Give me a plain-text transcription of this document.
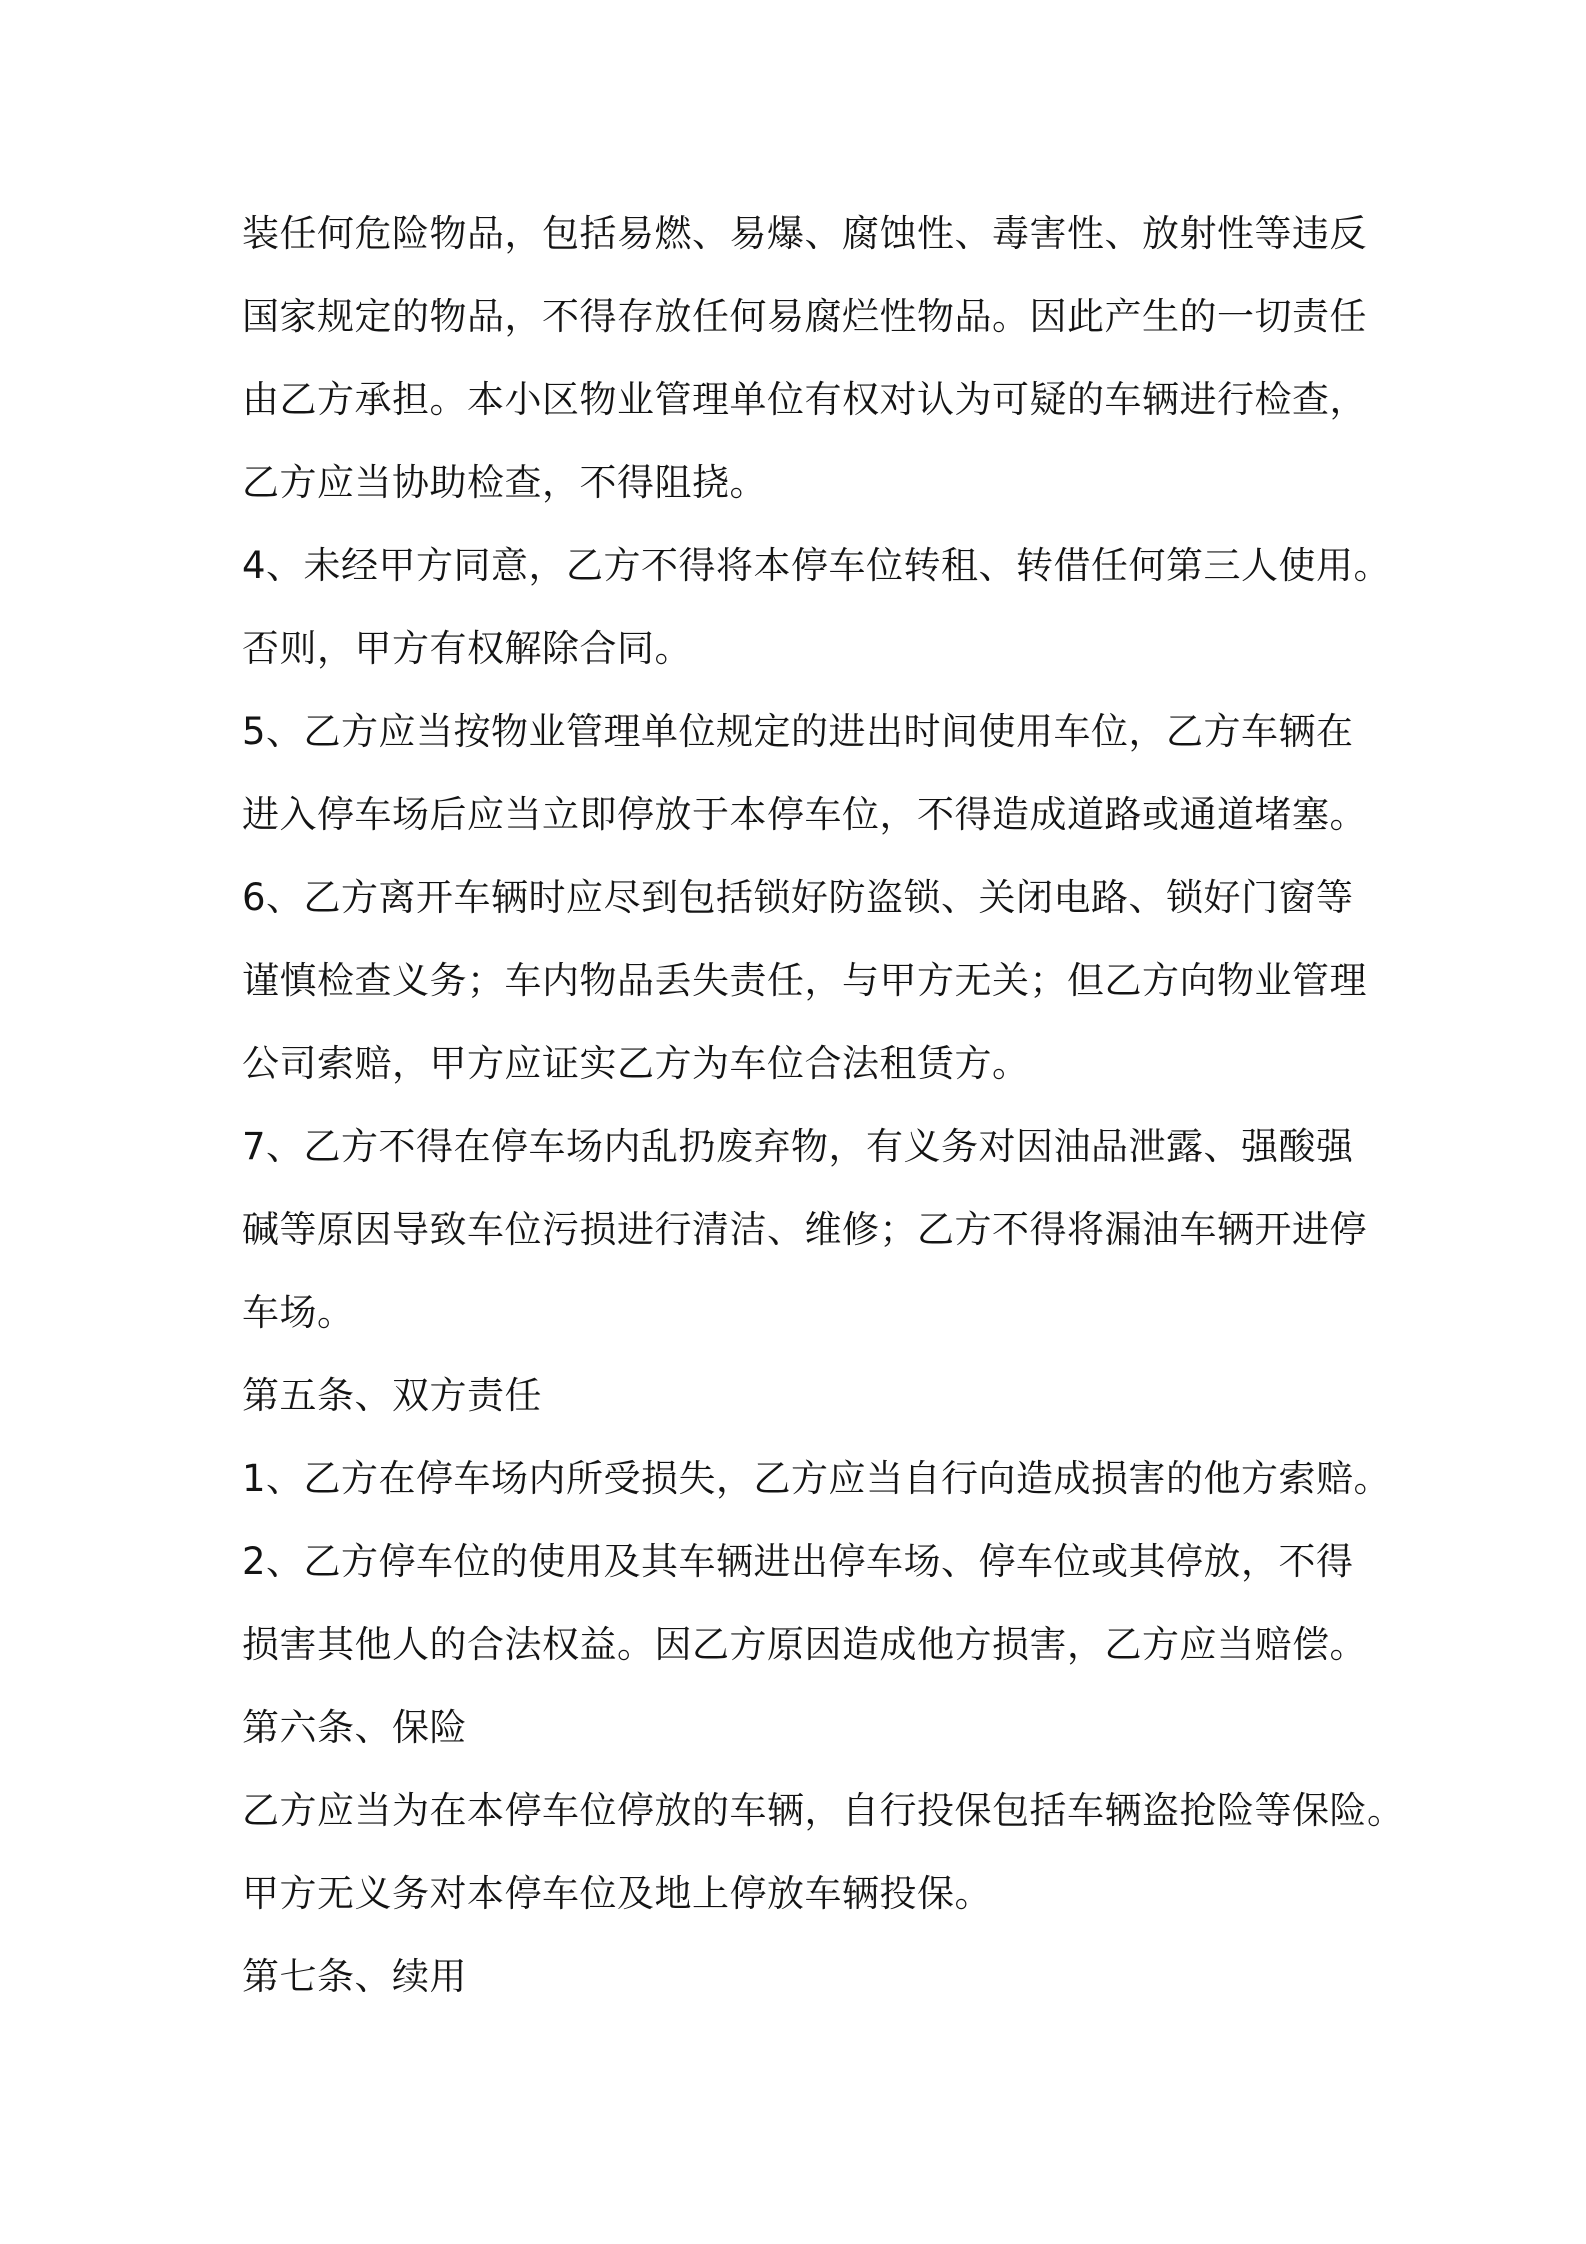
装任何危险物品，包括易燃、易爆、腐蚀性、毒害性、放射性等违反
国家规定的物品，不得存放任何易腐烂性物品。因此产生的一切责任
由乙方承担。本小区物业管理单位有权对认为可疑的车辆进行检查，
乙方应当协助检查，不得阻挠。
4、未经甲方同意，乙方不得将本停车位转租、转借任何第三人使用。
否则，甲方有权解除合同。
5、乙方应当按物业管理单位规定的进出时间使用车位，乙方车辆在
进入停车场后应当立即停放于本停车位，不得造成道路或通道堵塞。
6、乙方离开车辆时应尽到包括锁好防盗锁、关闭电路、锁好门窗等
谨慎检查义务；车内物品丢失责任，与甲方无关；但乙方向物业管理
公司索赔，甲方应证实乙方为车位合法租赁方。
7、乙方不得在停车场内乱扔废弃物，有义务对因油品泄露、强酸强
碱等原因导致车位污损进行清洁、维修；乙方不得将漏油车辆开进停
车场。
第五条、双方责任
1、乙方在停车场内所受损失，乙方应当自行向造成损害的他方索赔。
2、乙方停车位的使用及其车辆进出停车场、停车位或其停放，不得
损害其他人的合法权益。因乙方原因造成他方损害，乙方应当赔偿。
第六条、保险
乙方应当为在本停车位停放的车辆，自行投保包括车辆盗抢险等保险。
甲方无义务对本停车位及地上停放车辆投保。
第七条、续用
